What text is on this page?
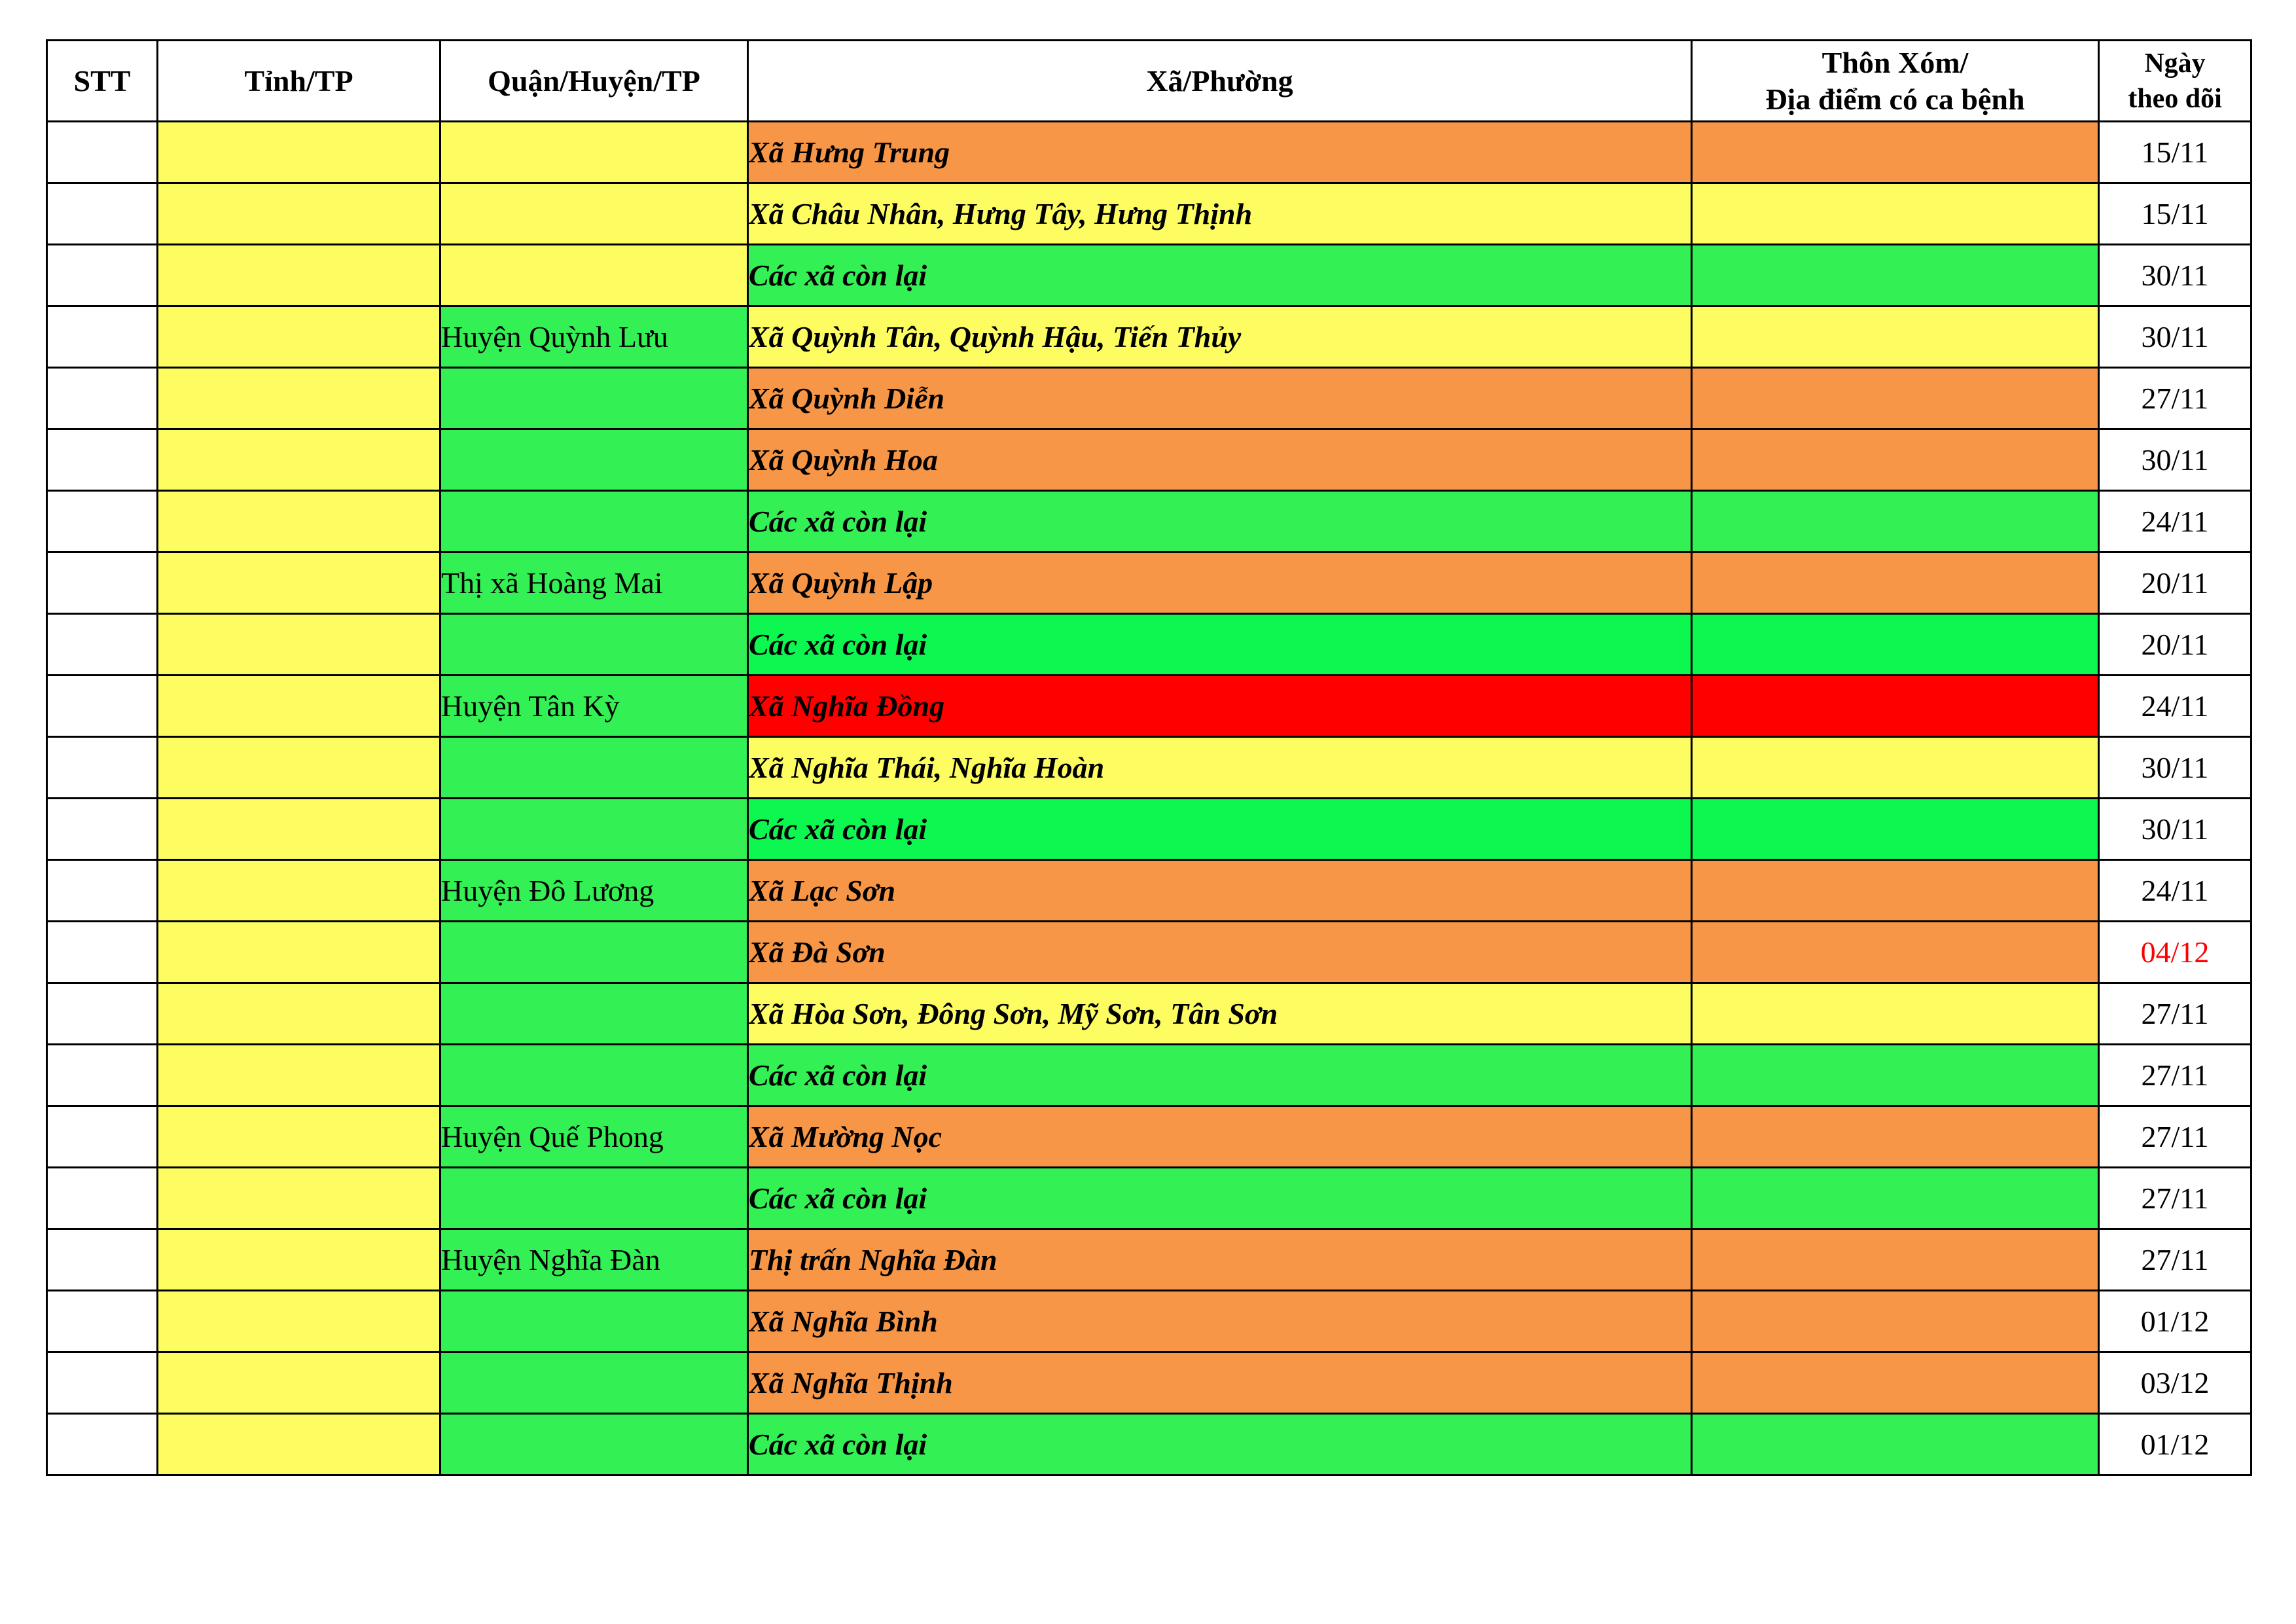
STT	Tỉnh/TP	Quận/Huyện/TP	Xã/Phường	Thôn Xóm/
Địa điểm có ca bệnh	Ngày
theo dõi
			Xã Hưng Trung		15/11
			Xã Châu Nhân, Hưng Tây, Hưng Thịnh		15/11
			Các xã còn lại		30/11
		Huyện Quỳnh Lưu	Xã Quỳnh Tân, Quỳnh Hậu, Tiến Thủy		30/11
			Xã Quỳnh Diễn		27/11
			Xã Quỳnh Hoa		30/11
			Các xã còn lại		24/11
		Thị xã Hoàng Mai	Xã Quỳnh Lập		20/11
			Các xã còn lại		20/11
		Huyện Tân Kỳ	Xã Nghĩa Đồng		24/11
			Xã Nghĩa Thái, Nghĩa Hoàn		30/11
			Các xã còn lại		30/11
		Huyện Đô Lương	Xã Lạc Sơn		24/11
			Xã Đà Sơn		04/12
			Xã Hòa Sơn, Đông Sơn, Mỹ Sơn, Tân Sơn		27/11
			Các xã còn lại		27/11
		Huyện Quế Phong	Xã Mường Nọc		27/11
			Các xã còn lại		27/11
		Huyện Nghĩa Đàn	Thị trấn Nghĩa Đàn		27/11
			Xã Nghĩa Bình		01/12
			Xã Nghĩa Thịnh		03/12
			Các xã còn lại		01/12
